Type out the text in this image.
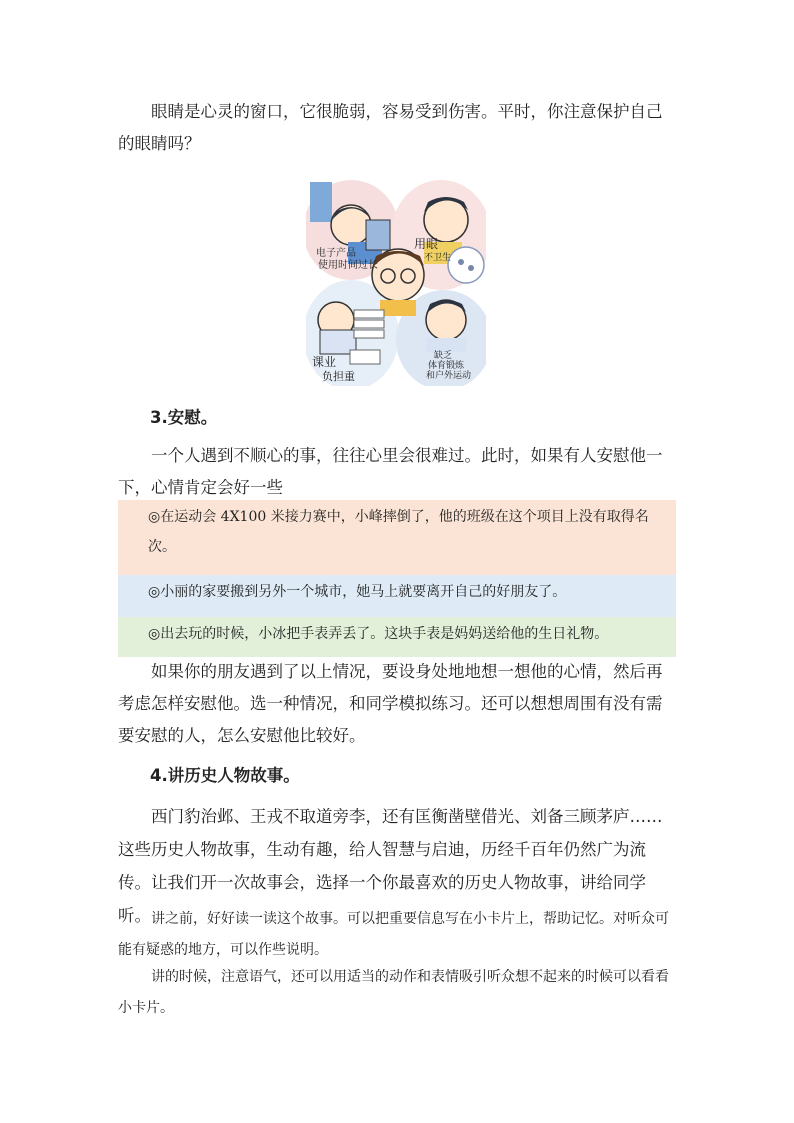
眼睛是心灵的窗口，它很脆弱，容易受到伤害。平时，你注意保护自己的眼睛吗？

电子产品
使用时间过长
用眼
不卫生
课业
负担重
缺乏
体育锻炼
和户外运动

3.安慰。

一个人遇到不顺心的事，往往心里会很难过。此时，如果有人安慰他一下，心情肯定会好一些

◎在运动会 4X100 米接力赛中，小峰摔倒了，他的班级在这个项目上没有取得名次。
◎小丽的家要搬到另外一个城市，她马上就要离开自己的好朋友了。
◎出去玩的时候，小冰把手表弄丢了。这块手表是妈妈送给他的生日礼物。

如果你的朋友遇到了以上情况，要设身处地地想一想他的心情，然后再考虑怎样安慰他。选一种情况，和同学模拟练习。还可以想想周围有没有需要安慰的人，怎么安慰他比较好。

4.讲历史人物故事。

西门豹治邺、王戎不取道旁李，还有匡衡凿壁借光、刘备三顾茅庐……这些历史人物故事，生动有趣，给人智慧与启迪，历经千百年仍然广为流传。让我们开一次故事会，选择一个你最喜欢的历史人物故事，讲给同学听。 讲之前，好好读一读这个故事。可以把重要信息写在小卡片上，帮助记忆。对听众可能有疑惑的地方，可以作些说明。

讲的时候，注意语气，还可以用适当的动作和表情吸引听众想不起来的时候可以看看小卡片。
